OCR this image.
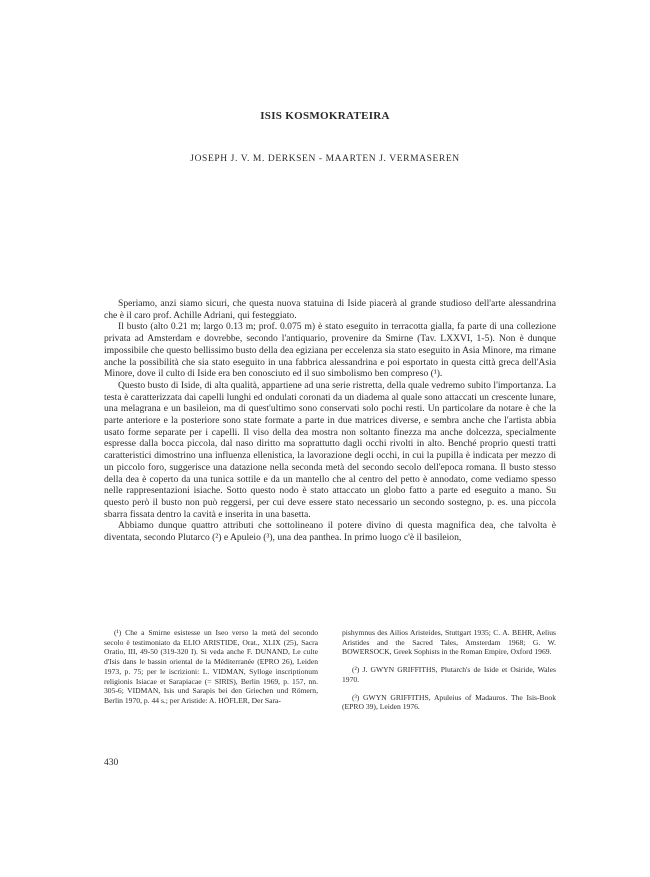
ISIS KOSMOKRATEIRA
JOSEPH J. V. M. DERKSEN - MAARTEN J. VERMASEREN

Speriamo, anzi siamo sicuri, che questa nuova statuina di Iside piacerà al grande studioso dell'arte alessandrina che è il caro prof. Achille Adriani, qui festeggiato.

Il busto (alto 0.21 m; largo 0.13 m; prof. 0.075 m) è stato eseguito in terracotta gialla, fa parte di una collezione privata ad Amsterdam e dovrebbe, secondo l'antiquario, provenire da Smirne (Tav. LXXVI, 1-5). Non è dunque impossibile che questo bellissimo busto della dea egiziana per eccelenza sia stato eseguito in Asia Minore, ma rimane anche la possibilità che sia stato eseguito in una fabbrica alessandrina e poi esportato in questa città greca dell'Asia Minore, dove il culto di Iside era ben conosciuto ed il suo simbolismo ben compreso (¹).

Questo busto di Iside, di alta qualità, appartiene ad una serie ristretta, della quale vedremo subito l'importanza. La testa è caratterizzata dai capelli lunghi ed ondulati coronati da un diadema al quale sono attaccati un crescente lunare, una melagrana e un basileion, ma di quest'ultimo sono conservati solo pochi resti. Un particolare da notare è che la parte anteriore e la posteriore sono state formate a parte in due matrices diverse, e sembra anche che l'artista abbia usato forme separate per i capelli. Il viso della dea mostra non soltanto finezza ma anche dolcezza, specialmente espresse dalla bocca piccola, dal naso diritto ma soprattutto dagli occhi rivolti in alto. Benché proprio questi tratti caratteristici dimostrino una influenza ellenistica, la lavorazione degli occhi, in cui la pupilla è indicata per mezzo di un piccolo foro, suggerisce una datazione nella seconda metà del secondo secolo dell'epoca romana. Il busto stesso della dea è coperto da una tunica sottile e da un mantello che al centro del petto è annodato, come vediamo spesso nelle rappresentazioni isiache. Sotto questo nodo è stato attaccato un globo fatto a parte ed eseguito a mano. Su questo però il busto non può reggersi, per cui deve essere stato necessario un secondo sostegno, p. es. una piccola sbarra fissata dentro la cavità e inserita in una basetta.

Abbiamo dunque quattro attributi che sottolineano il potere divino di questa magnifica dea, che talvolta è diventata, secondo Plutarco (²) e Apuleio (³), una dea panthea. In primo luogo c'è il basileion,

(¹) Che a Smirne esistesse un Iseo verso la metà del secondo secolo è testimoniato da ELIO ARISTIDE, Orat., XLIX (25), Sacra Oratio, III, 49-50 (319-320 I). Si veda anche F. DUNAND, Le culte d'Isis dans le bassin oriental de la Méditerranée (EPRO 26), Leiden 1973, p. 75; per le iscrizioni: L. VIDMAN, Sylloge inscriptionum religionis Isiacae et Sarapiacae (= SIRIS), Berlin 1969, p. 157, nn. 305-6; VIDMAN, Isis und Sarapis bei den Griechen und Römern, Berlin 1970, p. 44 s.; per Aristide: A. HÖFLER, Der Sara-

pishymnus des Ailios Aristeides, Stuttgart 1935; C. A. BEHR, Aelius Aristides and the Sacred Tales, Amsterdam 1968; G. W. BOWERSOCK, Greek Sophists in the Roman Empire, Oxford 1969.

(²) J. GWYN GRIFFITHS, Plutarch's de Iside et Osiride, Wales 1970.

(³) GWYN GRIFFITHS, Apuleius of Madauros. The Isis-Book (EPRO 39), Leiden 1976.

430
